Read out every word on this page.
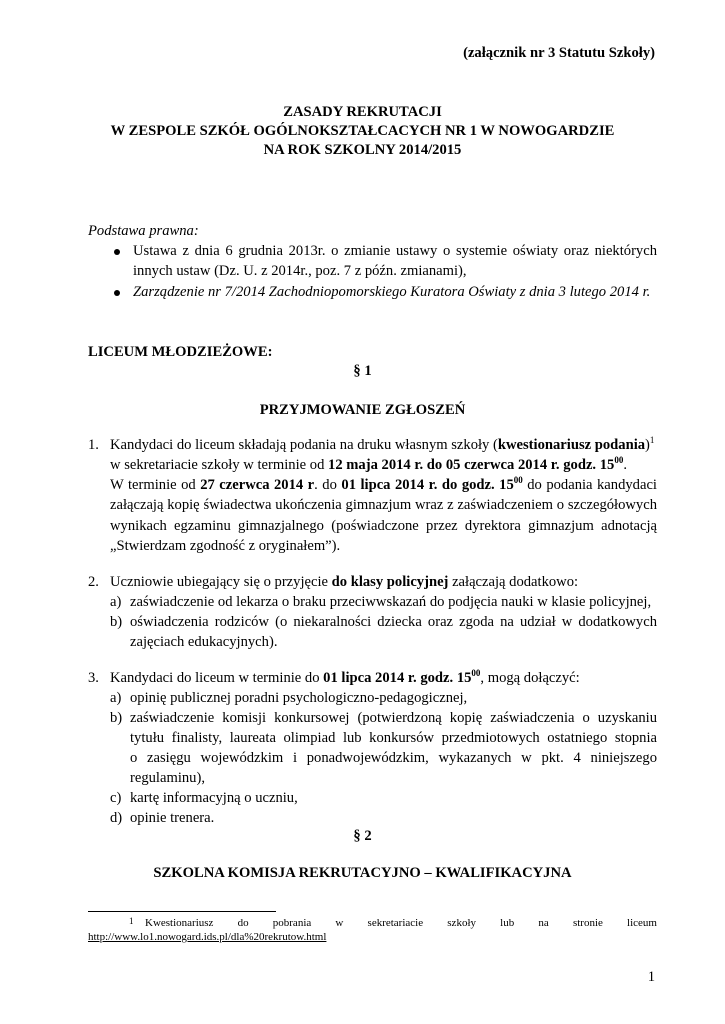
(załącznik nr 3 Statutu Szkoły)
ZASADY REKRUTACJI
W ZESPOLE SZKÓŁ OGÓLNOKSZTAŁCACYCH NR 1 W NOWOGARDZIE
NA ROK SZKOLNY 2014/2015
Podstawa prawna:
Ustawa z dnia 6 grudnia 2013r. o zmianie ustawy o systemie oświaty oraz niektórych
innych ustaw (Dz. U. z 2014r., poz. 7 z późn. zmianami),
Zarządzenie nr 7/2014 Zachodniopomorskiego Kuratora Oświaty z dnia 3 lutego 2014 r.
LICEUM MŁODZIEŻOWE:
§ 1
PRZYJMOWANIE ZGŁOSZEŃ
1. Kandydaci do liceum składają podania na druku własnym szkoły (kwestionariusz podania)$^1$
w sekretariacie szkoły w terminie od 12 maja 2014 r. do 05 czerwca 2014 r. godz. $15^{00}$.
W terminie od 27 czerwca 2014 r. do 01 lipca 2014 r. do godz. $15^{00}$ do podania kandydaci
załączają kopię świadectwa ukończenia gimnazjum wraz z zaświadczeniem o szczegółowych
wynikach egzaminu gimnazjalnego (poświadczone przez dyrektora gimnazjum adnotacją
„Stwierdzam zgodność z oryginałem”).
2. Uczniowie ubiegający się o przyjęcie do klasy policyjnej załączają dodatkowo:
a) zaświadczenie od lekarza o braku przeciwwskazań do podjęcia nauki w klasie policyjnej,
b) oświadczenia rodziców (o niekaralności dziecka oraz zgoda na udział w dodatkowych
zajęciach edukacyjnych).
3. Kandydaci do liceum w terminie do 01 lipca 2014 r. godz. $15^{00}$, mogą dołączyć:
a) opinię publicznej poradni psychologiczno-pedagogicznej,
b) zaświadczenie komisji konkursowej (potwierdzoną kopię zaświadczenia o uzyskaniu
tytułu finalisty, laureata olimpiad lub konkursów przedmiotowych ostatniego stopnia
o zasięgu wojewódzkim i ponadwojewódzkim, wykazanych w pkt. 4 niniejszego
regulaminu),
c) kartę informacyjną o uczniu,
d) opinie trenera.
§ 2
SZKOLNA KOMISJA REKRUTACYJNO – KWALIFIKACYJNA
1 Kwestionariusz do pobrania w sekretariacie szkoły lub na stronie liceum
http://www.lo1.nowogard.ids.pl/dla%20rekrutow.html
1
